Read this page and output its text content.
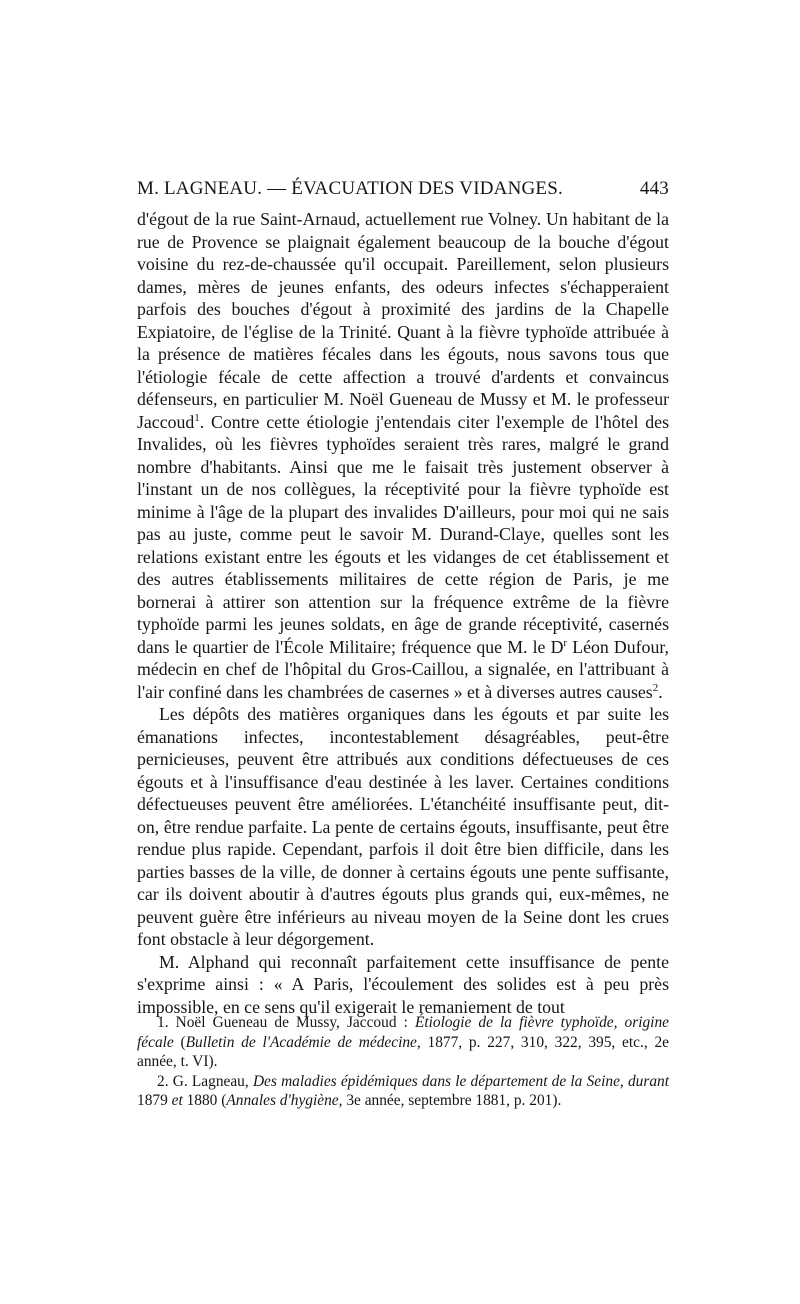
M. LAGNEAU. — ÉVACUATION DES VIDANGES.	443

d'égout de la rue Saint-Arnaud, actuellement rue Volney. Un habitant de la rue de Provence se plaignait également beaucoup de la bouche d'égout voisine du rez-de-chaussée qu'il occupait. Pareillement, selon plusieurs dames, mères de jeunes enfants, des odeurs infectes s'échapperaient parfois des bouches d'égout à proximité des jardins de la Chapelle Expiatoire, de l'église de la Trinité. Quant à la fièvre typhoïde attribuée à la présence de matières fécales dans les égouts, nous savons tous que l'étiologie fécale de cette affection a trouvé d'ardents et convaincus défenseurs, en particulier M. Noël Gueneau de Mussy et M. le professeur Jaccoud$^1$. Contre cette étiologie j'entendais citer l'exemple de l'hôtel des Invalides, où les fièvres typhoïdes seraient très rares, malgré le grand nombre d'habitants. Ainsi que me le faisait très justement observer à l'instant un de nos collègues, la réceptivité pour la fièvre typhoïde est minime à l'âge de la plupart des invalides D'ailleurs, pour moi qui ne sais pas au juste, comme peut le savoir M. Durand-Claye, quelles sont les relations existant entre les égouts et les vidanges de cet établissement et des autres établissements militaires de cette région de Paris, je me bornerai à attirer son attention sur la fréquence extrême de la fièvre typhoïde parmi les jeunes soldats, en âge de grande réceptivité, casernés dans le quartier de l'École Militaire; fréquence que M. le $D^r$ Léon Dufour, médecin en chef de l'hôpital du Gros-Caillou, a signalée, en l'attribuant à l'air confiné dans les chambrées de casernes » et à diverses autres causes$^2$.

Les dépôts des matières organiques dans les égouts et par suite les émanations infectes, incontestablement désagréables, peut-être pernicieuses, peuvent être attribués aux conditions défectueuses de ces égouts et à l'insuffisance d'eau destinée à les laver. Certaines conditions défectueuses peuvent être améliorées. L'étanchéité insuffisante peut, dit-on, être rendue parfaite. La pente de certains égouts, insuffisante, peut être rendue plus rapide. Cependant, parfois il doit être bien difficile, dans les parties basses de la ville, de donner à certains égouts une pente suffisante, car ils doivent aboutir à d'autres égouts plus grands qui, eux-mêmes, ne peuvent guère être inférieurs au niveau moyen de la Seine dont les crues font obstacle à leur dégorgement.

M. Alphand qui reconnaît parfaitement cette insuffisance de pente s'exprime ainsi : « A Paris, l'écoulement des solides est à peu près impossible, en ce sens qu'il exigerait le remaniement de tout

1. Noël Gueneau de Mussy, Jaccoud : Étiologie de la fièvre typhoïde, origine fécale (Bulletin de l'Académie de médecine, 1877, p. 227, 310, 322, 395, etc., 2e année, t. VI).

2. G. Lagneau, Des maladies épidémiques dans le département de la Seine, durant 1879 et 1880 (Annales d'hygiène, 3e année, septembre 1881, p. 201).
